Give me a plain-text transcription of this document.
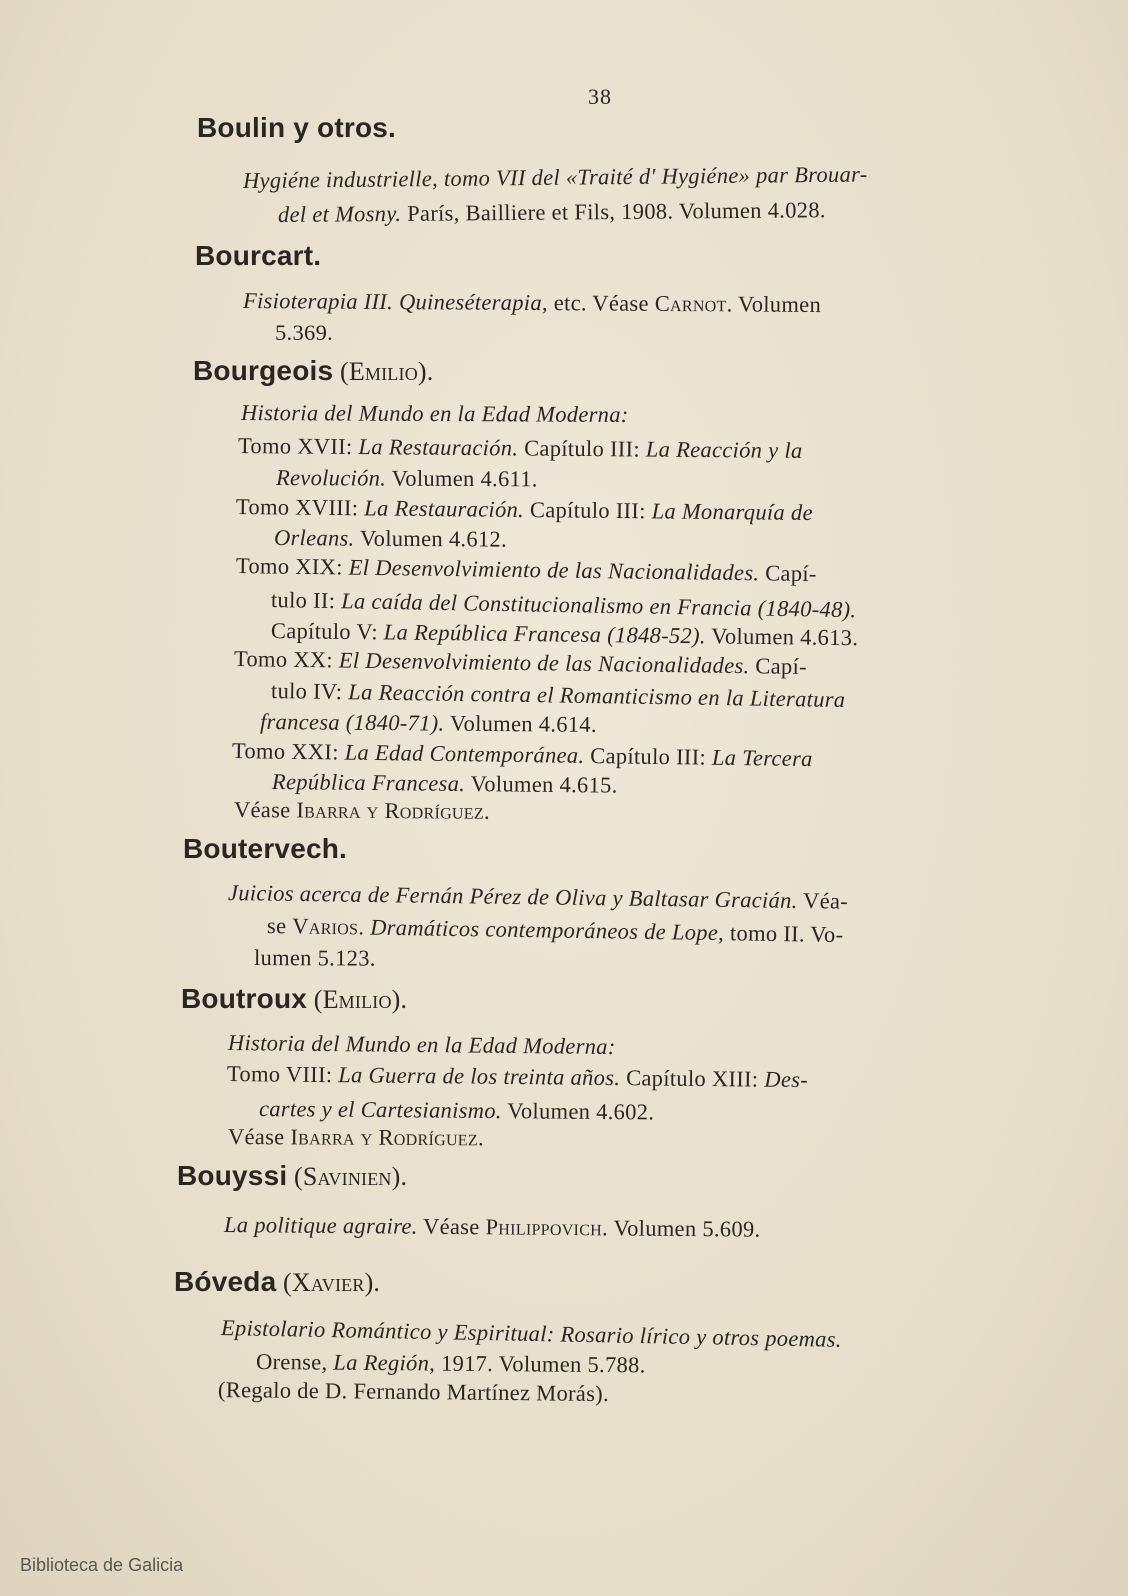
38
Boulin y otros.
Hygiéne industrielle, tomo VII del «Traité d' Hygiéne» par Brouar-
del et Mosny. París, Bailliere et Fils, 1908. Volumen 4.028.
Bourcart.
Fisioterapia III. Quineséterapia, etc. Véase Carnot. Volumen
5.369.
Bourgeois (Emilio).
Historia del Mundo en la Edad Moderna:
Tomo XVII: La Restauración. Capítulo III: La Reacción y la
Revolución. Volumen 4.611.
Tomo XVIII: La Restauración. Capítulo III: La Monarquía de
Orleans. Volumen 4.612.
Tomo XIX: El Desenvolvimiento de las Nacionalidades. Capí-
tulo II: La caída del Constitucionalismo en Francia (1840-48).
Capítulo V: La República Francesa (1848-52). Volumen 4.613.
Tomo XX: El Desenvolvimiento de las Nacionalidades. Capí-
tulo IV: La Reacción contra el Romanticismo en la Literatura
francesa (1840-71). Volumen 4.614.
Tomo XXI: La Edad Contemporánea. Capítulo III: La Tercera
República Francesa. Volumen 4.615.
Véase Ibarra y Rodríguez.
Boutervech.
Juicios acerca de Fernán Pérez de Oliva y Baltasar Gracián. Véa-
se Varios. Dramáticos contemporáneos de Lope, tomo II. Vo-
lumen 5.123.
Boutroux (Emilio).
Historia del Mundo en la Edad Moderna:
Tomo VIII: La Guerra de los treinta años. Capítulo XIII: Des-
cartes y el Cartesianismo. Volumen 4.602.
Véase Ibarra y Rodríguez.
Bouyssi (Savinien).
La politique agraire. Véase Philippovich. Volumen 5.609.
Bóveda (Xavier).
Epistolario Romántico y Espiritual: Rosario lírico y otros poemas.
Orense, La Región, 1917. Volumen 5.788.
(Regalo de D. Fernando Martínez Morás).
Biblioteca de Galicia
